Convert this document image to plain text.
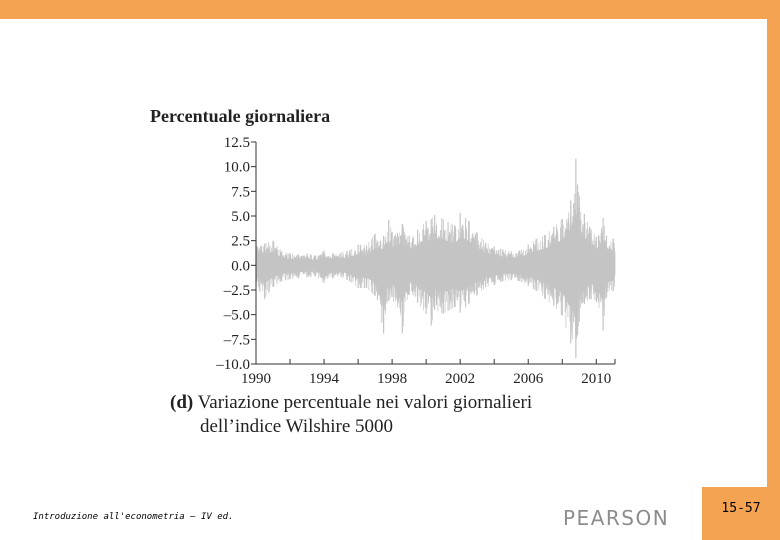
Percentuale giornaliera
12.5
10.0
7.5
5.0
2.5
0.0
–2.5
–5.0
–7.5
–10.0
1990	1994	1998	2002	2006	2010
(d) Variazione percentuale nei valori giornalieri
dell’indice Wilshire 5000
Introduzione all'econometria – IV ed.	PEARSON	15-57
